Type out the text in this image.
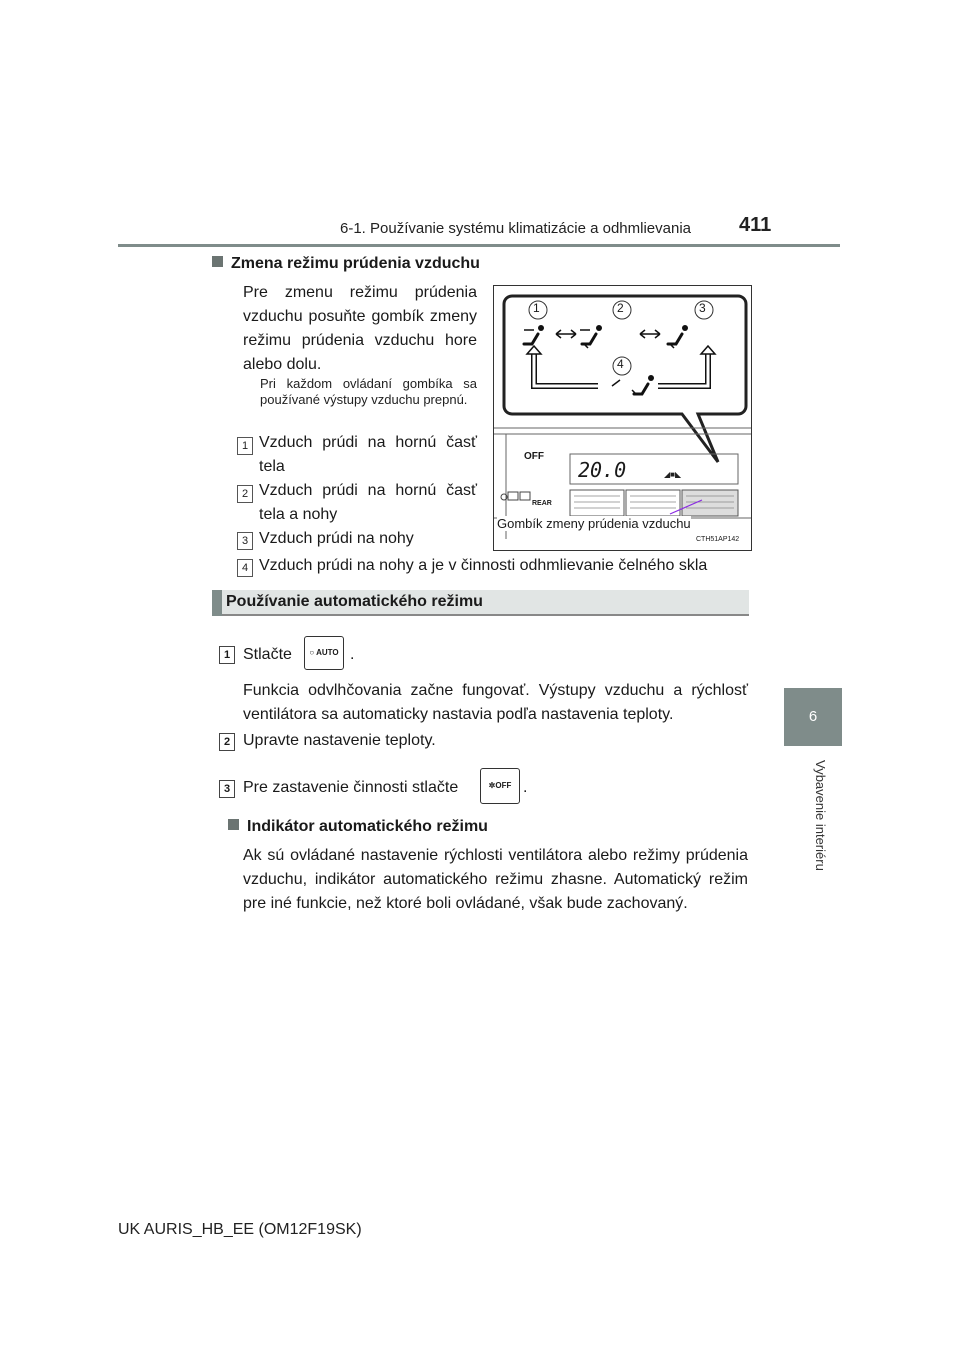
6-1. Používanie systému klimatizácie a odhmlievania 411
6
Vybavenie interiéru
Zmena režimu prúdenia vzduchu
Pre zmenu režimu prúdenia vzduchu posuňte gombík zmeny režimu prúdenia vzduchu hore alebo dolu.
Pri každom ovládaní gombíka sa používané výstupy vzduchu prepnú.
1 Vzduch prúdi na hornú časť tela
2 Vzduch prúdi na hornú časť tela a nohy
3 Vzduch prúdi na nohy
4 Vzduch prúdi na nohy a je v činnosti odhmlievanie čelného skla
◢■◣
1	2	3
4
OFF
REAR
20.0
Gombík zmeny prúdenia vzduchu
CTH51AP142
Používanie automatického režimu
1 Stlačte	○ AUTO .
Funkcia odvlhčovania začne fungovať. Výstupy vzduchu a rýchlosť ventilátora sa automaticky nastavia podľa nastavenia teploty.
2 Upravte nastavenie teploty.
3 Pre zastavenie činnosti stlačte	✲OFF .
Indikátor automatického režimu
Ak sú ovládané nastavenie rýchlosti ventilátora alebo režimy prúdenia vzduchu, indikátor automatického režimu zhasne. Automatický režim pre iné funkcie, než ktoré boli ovládané, však bude zachovaný.
UK AURIS_HB_EE (OM12F19SK)
